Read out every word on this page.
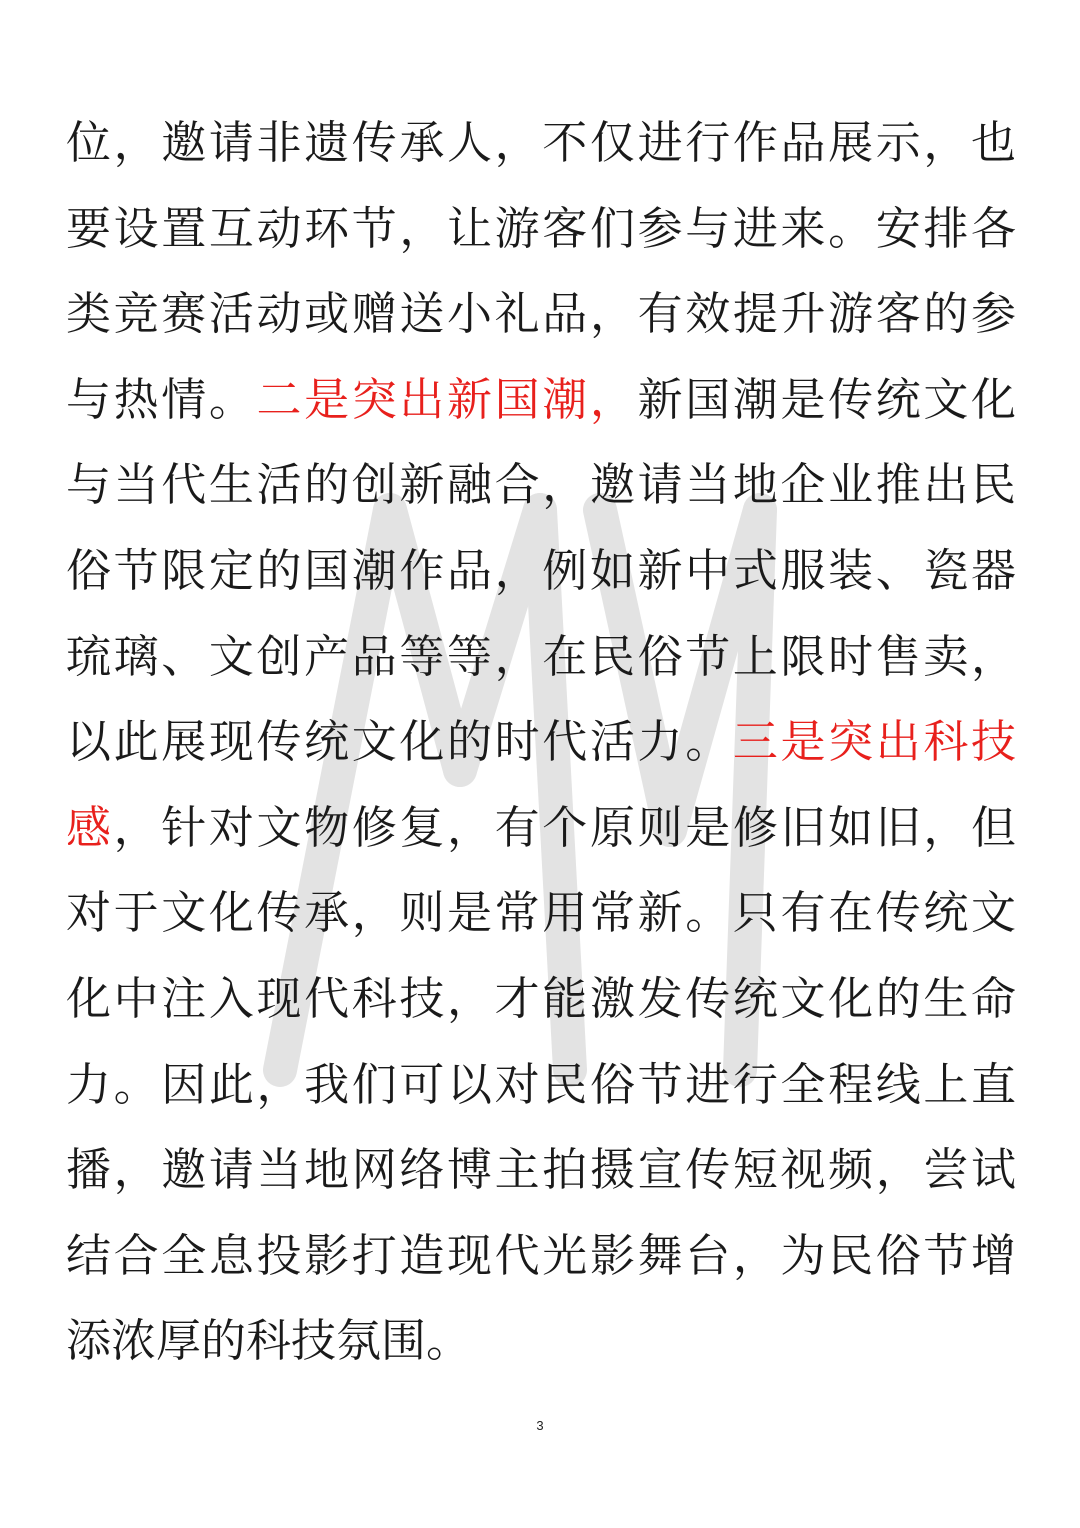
位，邀请非遗传承人，不仅进行作品展示，也
要设置互动环节，让游客们参与进来。安排各
类竞赛活动或赠送小礼品，有效提升游客的参
与热情。二是突出新国潮，新国潮是传统文化
与当代生活的创新融合，邀请当地企业推出民
俗节限定的国潮作品，例如新中式服装、瓷器
琉璃、文创产品等等，在民俗节上限时售卖，
以此展现传统文化的时代活力。三是突出科技
感，针对文物修复，有个原则是修旧如旧，但
对于文化传承，则是常用常新。只有在传统文
化中注入现代科技，才能激发传统文化的生命
力。因此，我们可以对民俗节进行全程线上直
播，邀请当地网络博主拍摄宣传短视频，尝试
结合全息投影打造现代光影舞台，为民俗节增
添浓厚的科技氛围。
3
